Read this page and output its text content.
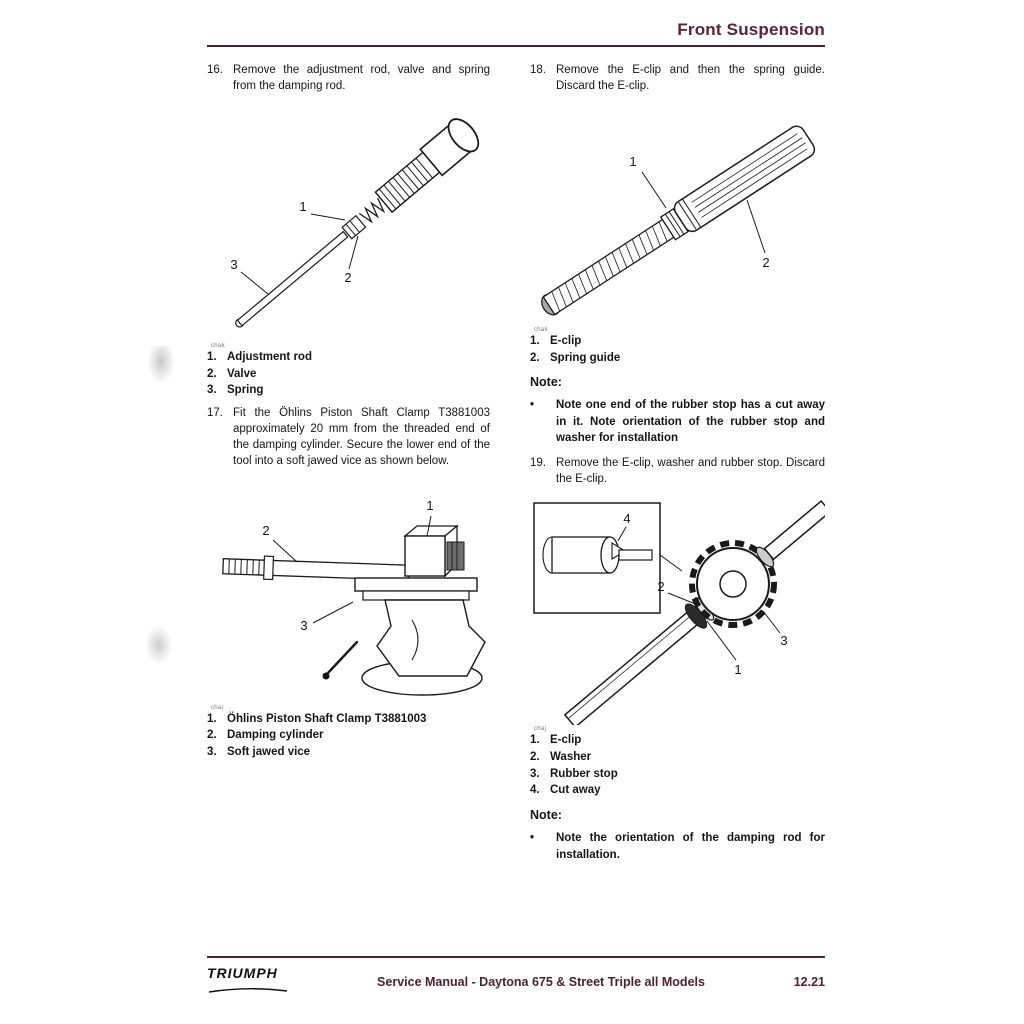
Front Suspension
16. Remove the adjustment rod, valve and spring from the damping rod.
1
2
3
chak
1. Adjustment rod
2. Valve
3. Spring
17. Fit the Öhlins Piston Shaft Clamp T3881003 approximately 20 mm from the threaded end of the damping cylinder. Secure the lower end of the tool into a soft jawed vice as shown below.
1
2
3
chaj
1. Öhlins Piston Shaft Clamp T3881003
2. Damping cylinder
3. Soft jawed vice
18. Remove the E-clip and then the spring guide. Discard the E-clip.
1
2
chak
1. E-clip
2. Spring guide
Note:
•	Note one end of the rubber stop has a cut away in it. Note orientation of the rubber stop and washer for installation
19. Remove the E-clip, washer and rubber stop. Discard the E-clip.
4
1
2
3
chaj
1. E-clip
2. Washer
3. Rubber stop
4. Cut away
Note:
•	Note the orientation of the damping rod for installation.
TRIUMPH
Service Manual - Daytona 675 & Street Triple all Models	12.21
